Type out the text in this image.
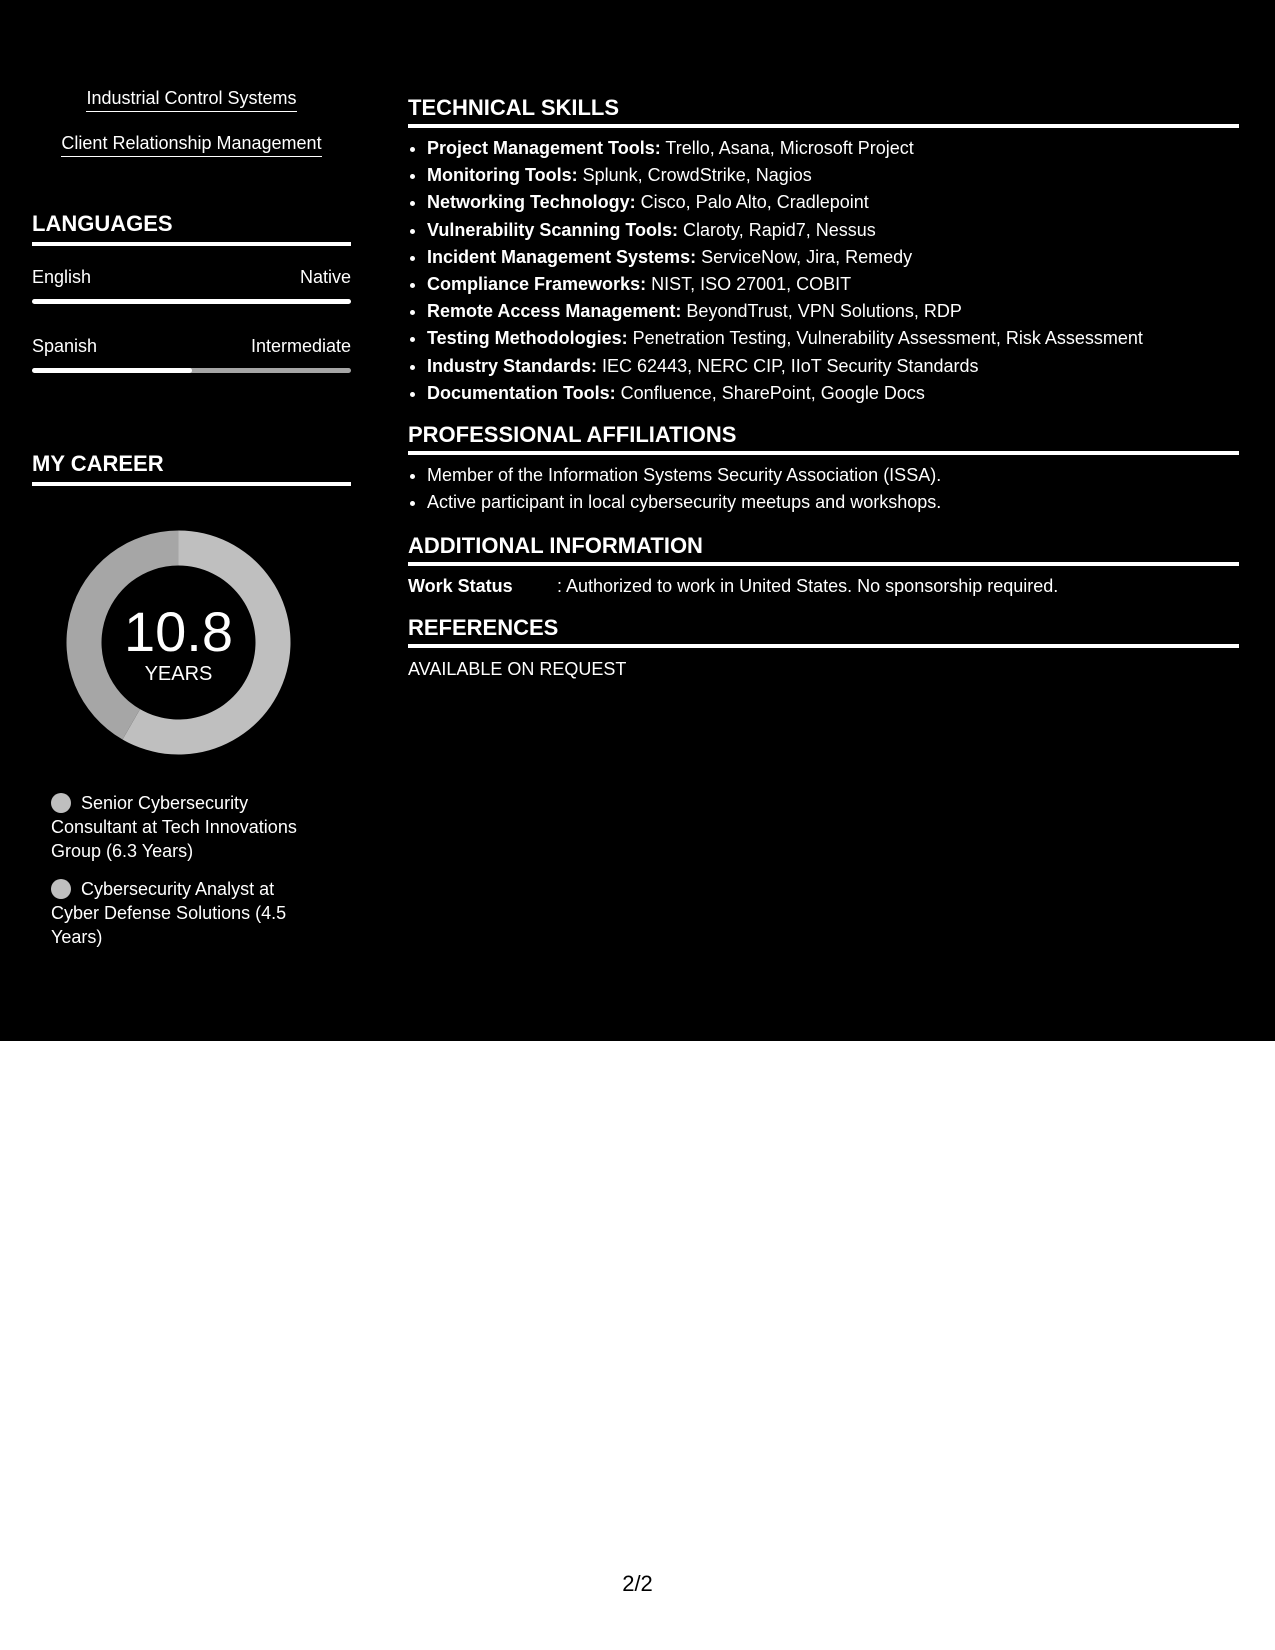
Industrial Control Systems
Client Relationship Management
LANGUAGES
English	Native
Spanish	Intermediate
MY CAREER
10.8
YEARS
Senior Cybersecurity Consultant at Tech Innovations Group (6.3 Years)
Cybersecurity Analyst at Cyber Defense Solutions (4.5 Years)
TECHNICAL SKILLS
• Project Management Tools: Trello, Asana, Microsoft Project
• Monitoring Tools: Splunk, CrowdStrike, Nagios
• Networking Technology: Cisco, Palo Alto, Cradlepoint
• Vulnerability Scanning Tools: Claroty, Rapid7, Nessus
• Incident Management Systems: ServiceNow, Jira, Remedy
• Compliance Frameworks: NIST, ISO 27001, COBIT
• Remote Access Management: BeyondTrust, VPN Solutions, RDP
• Testing Methodologies: Penetration Testing, Vulnerability Assessment, Risk Assessment
• Industry Standards: IEC 62443, NERC CIP, IIoT Security Standards
• Documentation Tools: Confluence, SharePoint, Google Docs
PROFESSIONAL AFFILIATIONS
• Member of the Information Systems Security Association (ISSA).
• Active participant in local cybersecurity meetups and workshops.
ADDITIONAL INFORMATION
Work Status : Authorized to work in United States. No sponsorship required.
REFERENCES
AVAILABLE ON REQUEST
2/2
